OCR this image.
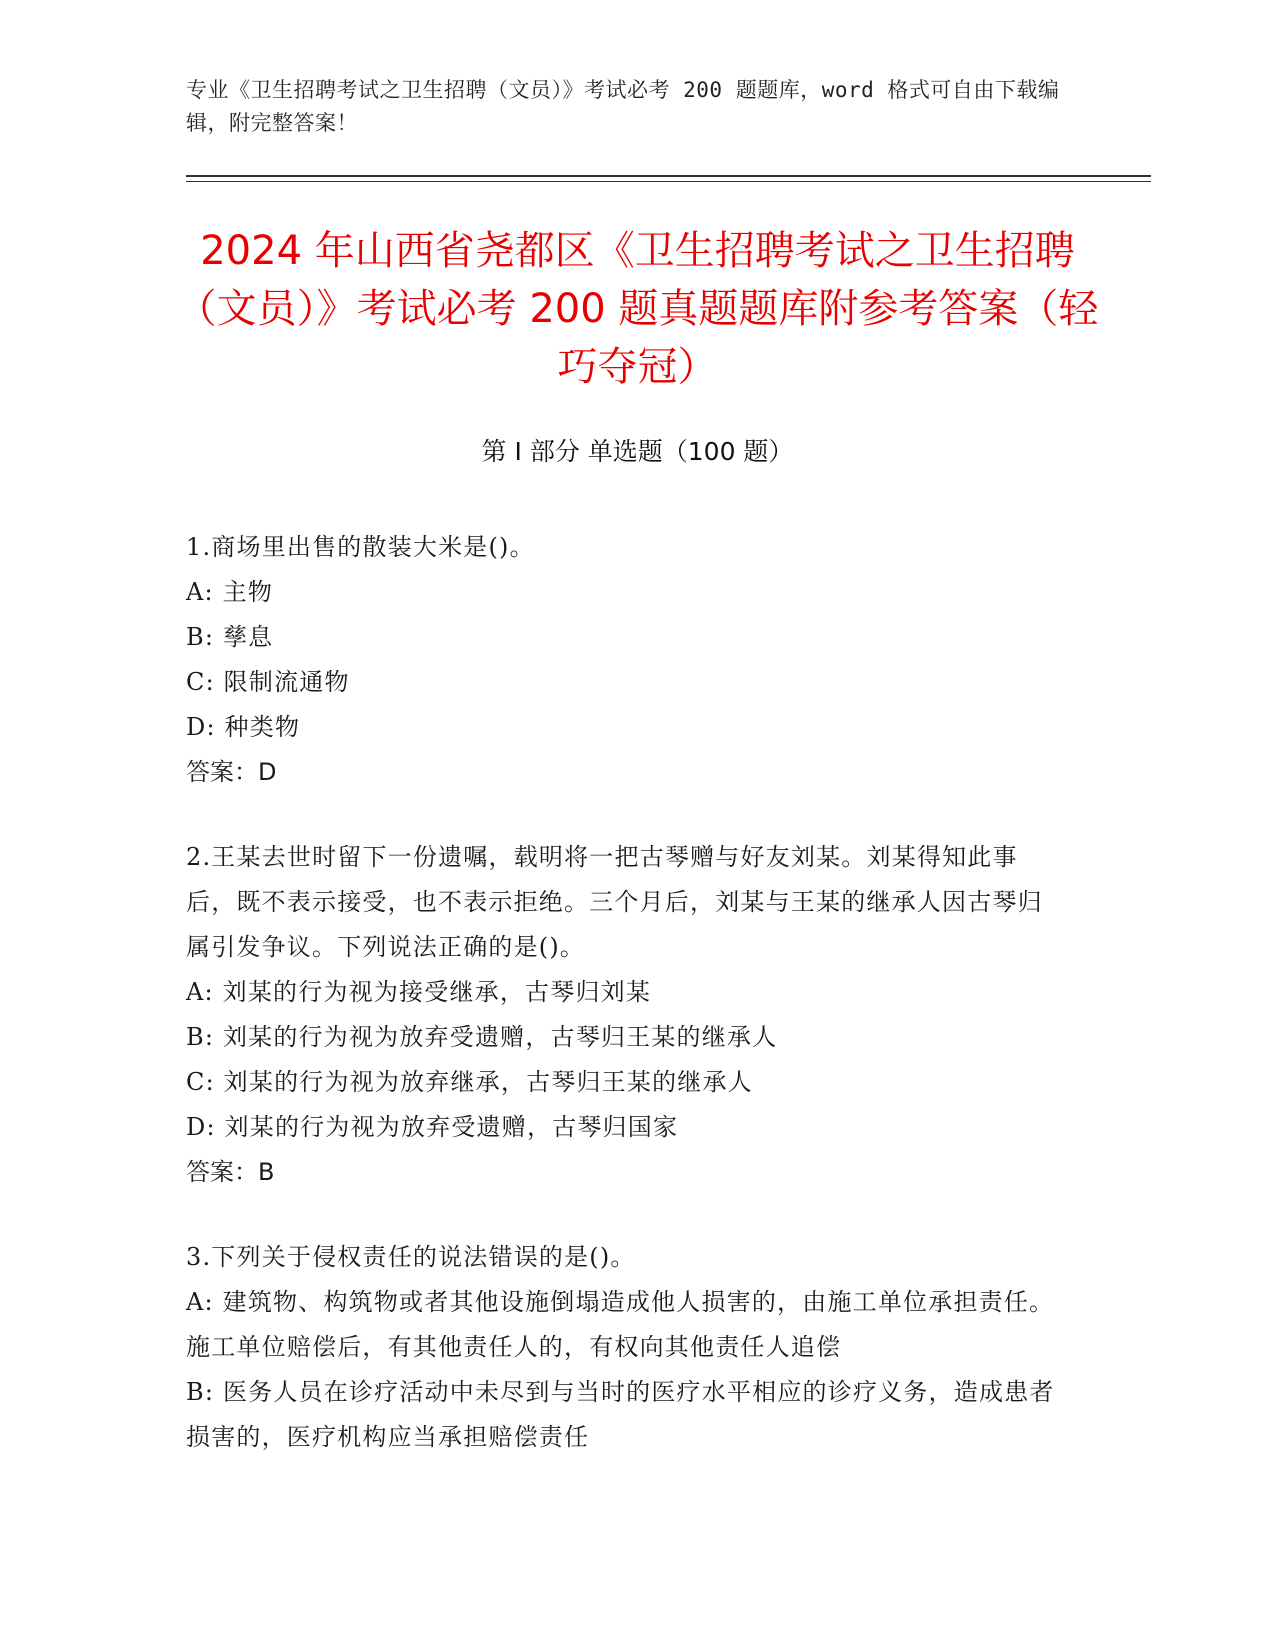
专业《卫生招聘考试之卫生招聘（文员）》考试必考 200 题题库，word 格式可自由下载编辑，附完整答案！
2024 年山西省尧都区《卫生招聘考试之卫生招聘（文员）》考试必考 200 题真题题库附参考答案（轻巧夺冠）
第 I 部分 单选题（100 题）
1.商场里出售的散装大米是()。
A: 主物
B: 孳息
C: 限制流通物
D: 种类物
答案：D
2.王某去世时留下一份遗嘱，载明将一把古琴赠与好友刘某。刘某得知此事后，既不表示接受，也不表示拒绝。三个月后，刘某与王某的继承人因古琴归属引发争议。下列说法正确的是()。
A: 刘某的行为视为接受继承，古琴归刘某
B: 刘某的行为视为放弃受遗赠，古琴归王某的继承人
C: 刘某的行为视为放弃继承，古琴归王某的继承人
D: 刘某的行为视为放弃受遗赠，古琴归国家
答案：B
3.下列关于侵权责任的说法错误的是()。
A: 建筑物、构筑物或者其他设施倒塌造成他人损害的，由施工单位承担责任。施工单位赔偿后，有其他责任人的，有权向其他责任人追偿
B: 医务人员在诊疗活动中未尽到与当时的医疗水平相应的诊疗义务，造成患者损害的，医疗机构应当承担赔偿责任
